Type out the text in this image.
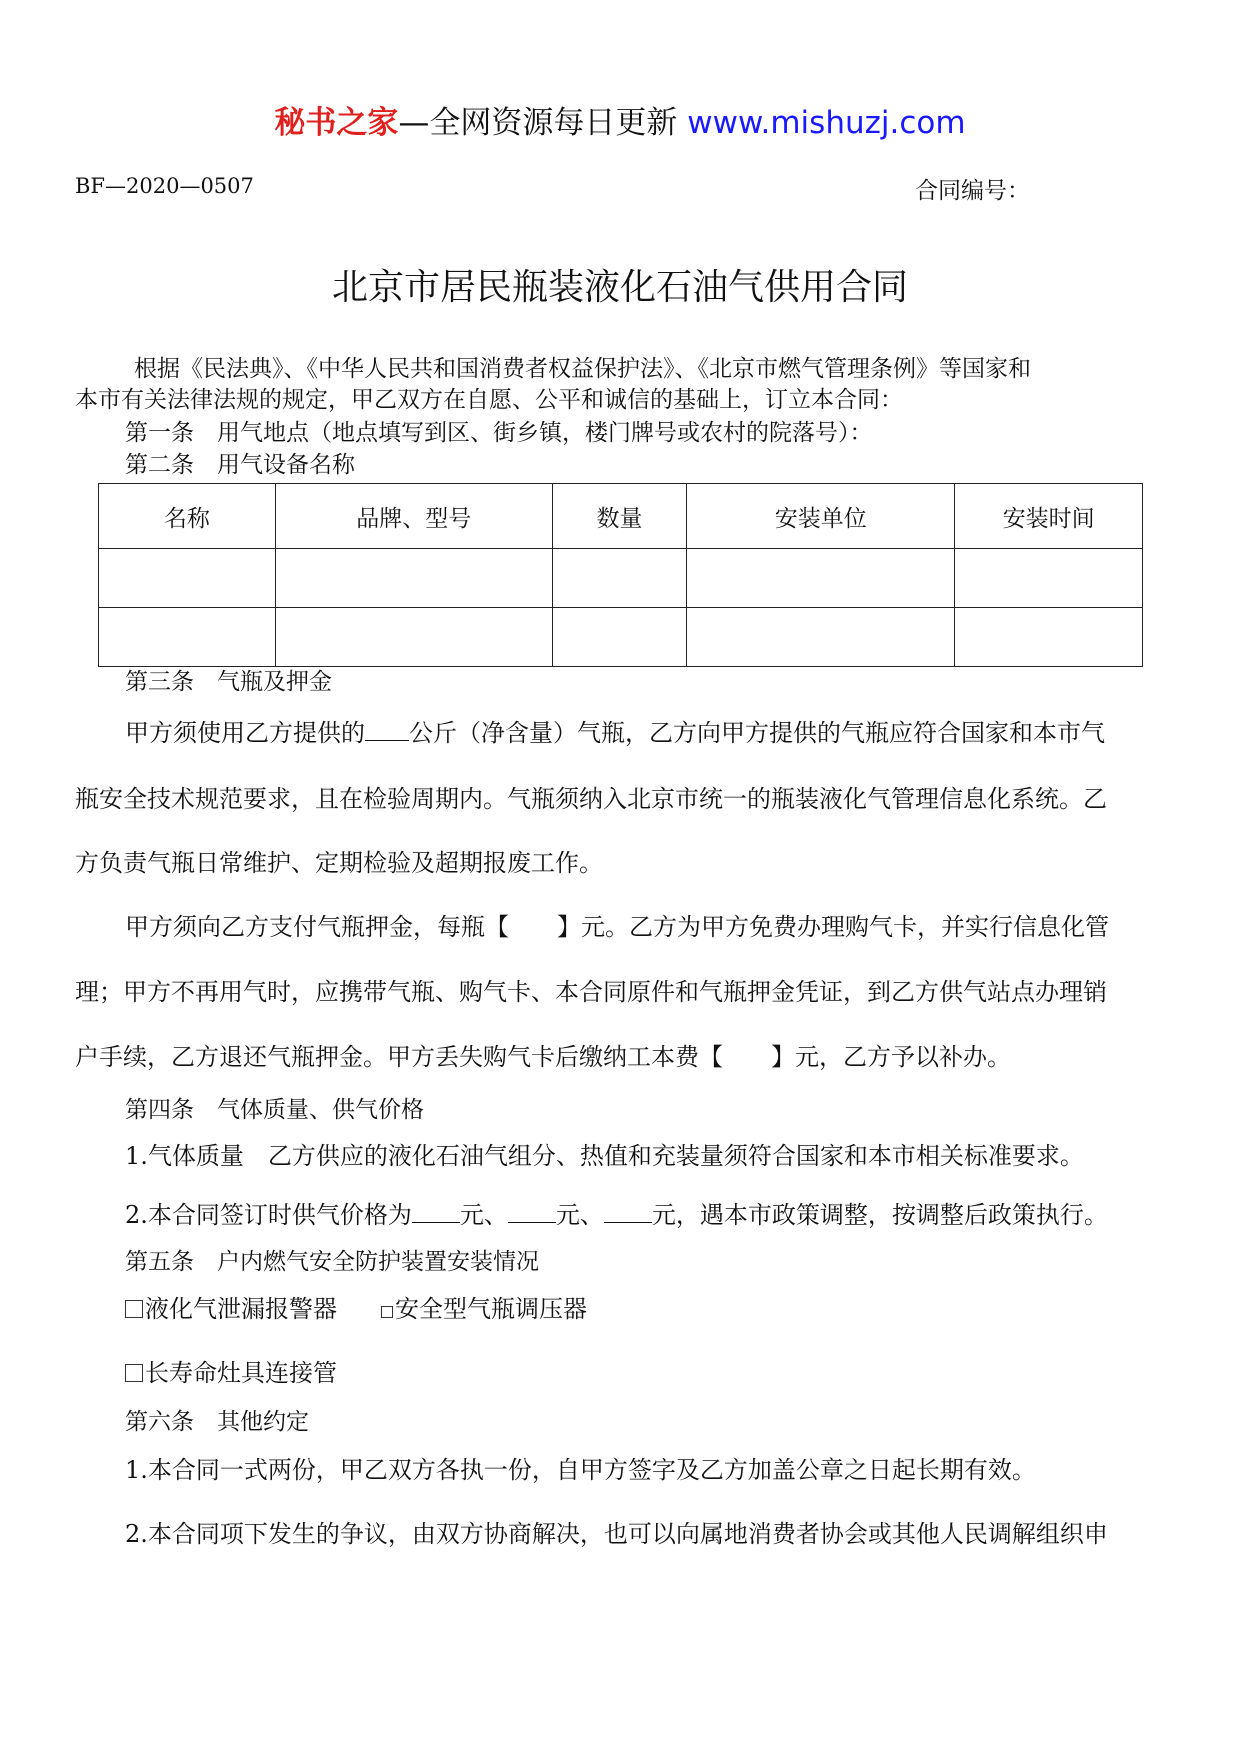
秘书之家—全网资源每日更新 www.mishuzj.com
BF—2020—0507	合同编号：
北京市居民瓶装液化石油气供用合同
根据《民法典》、《中华人民共和国消费者权益保护法》、《北京市燃气管理条例》等国家和
本市有关法律法规的规定，甲乙双方在自愿、公平和诚信的基础上，订立本合同：
第一条　用气地点（地点填写到区、街乡镇，楼门牌号或农村的院落号）：
第二条　用气设备名称
名称	品牌、型号	数量	安装单位	安装时间

第三条　气瓶及押金
甲方须使用乙方提供的 公斤（净含量）气瓶，乙方向甲方提供的气瓶应符合国家和本市气
瓶安全技术规范要求，且在检验周期内。气瓶须纳入北京市统一的瓶装液化气管理信息化系统。乙
方负责气瓶日常维护、定期检验及超期报废工作。
甲方须向乙方支付气瓶押金，每瓶【　　】元。乙方为甲方免费办理购气卡，并实行信息化管
理；甲方不再用气时，应携带气瓶、购气卡、本合同原件和气瓶押金凭证，到乙方供气站点办理销
户手续，乙方退还气瓶押金。甲方丢失购气卡后缴纳工本费【　　】元，乙方予以补办。
第四条　气体质量、供气价格
1.气体质量　乙方供应的液化石油气组分、热值和充装量须符合国家和本市相关标准要求。
2.本合同签订时供气价格为 元、 元、 元，遇本市政策调整，按调整后政策执行。
第五条　户内燃气安全防护装置安装情况
液化气泄漏报警器 安全型气瓶调压器
长寿命灶具连接管
第六条　其他约定
1.本合同一式两份，甲乙双方各执一份，自甲方签字及乙方加盖公章之日起长期有效。
2.本合同项下发生的争议，由双方协商解决，也可以向属地消费者协会或其他人民调解组织申
